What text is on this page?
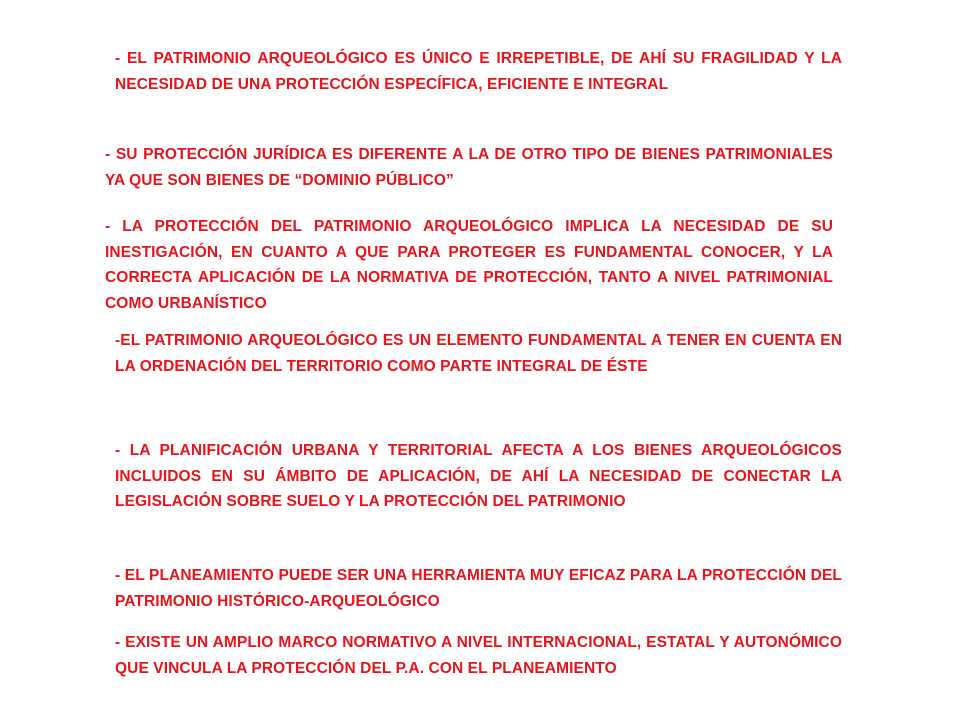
- EL PATRIMONIO ARQUEOLÓGICO ES ÚNICO E IRREPETIBLE, DE AHÍ SU FRAGILIDAD Y LA NECESIDAD DE UNA PROTECCIÓN ESPECÍFICA, EFICIENTE E INTEGRAL

- SU PROTECCIÓN JURÍDICA ES DIFERENTE A LA DE OTRO TIPO DE BIENES PATRIMONIALES YA QUE SON BIENES DE “DOMINIO PÚBLICO”

- LA PROTECCIÓN DEL PATRIMONIO ARQUEOLÓGICO IMPLICA LA NECESIDAD DE SU INESTIGACIÓN, EN CUANTO A QUE PARA PROTEGER ES FUNDAMENTAL CONOCER, Y LA CORRECTA APLICACIÓN DE LA NORMATIVA DE PROTECCIÓN, TANTO A NIVEL PATRIMONIAL COMO URBANÍSTICO

-EL PATRIMONIO ARQUEOLÓGICO ES UN ELEMENTO FUNDAMENTAL A TENER EN CUENTA EN LA ORDENACIÓN DEL TERRITORIO COMO PARTE INTEGRAL DE ÉSTE

- LA PLANIFICACIÓN URBANA Y TERRITORIAL AFECTA A LOS BIENES ARQUEOLÓGICOS INCLUIDOS EN SU ÁMBITO DE APLICACIÓN, DE AHÍ LA NECESIDAD DE CONECTAR LA LEGISLACIÓN SOBRE SUELO Y LA PROTECCIÓN DEL PATRIMONIO

- EL PLANEAMIENTO PUEDE SER UNA HERRAMIENTA MUY EFICAZ PARA LA PROTECCIÓN DEL PATRIMONIO HISTÓRICO-ARQUEOLÓGICO

- EXISTE UN AMPLIO MARCO NORMATIVO A NIVEL INTERNACIONAL, ESTATAL Y AUTONÓMICO QUE VINCULA LA PROTECCIÓN DEL P.A. CON EL PLANEAMIENTO
